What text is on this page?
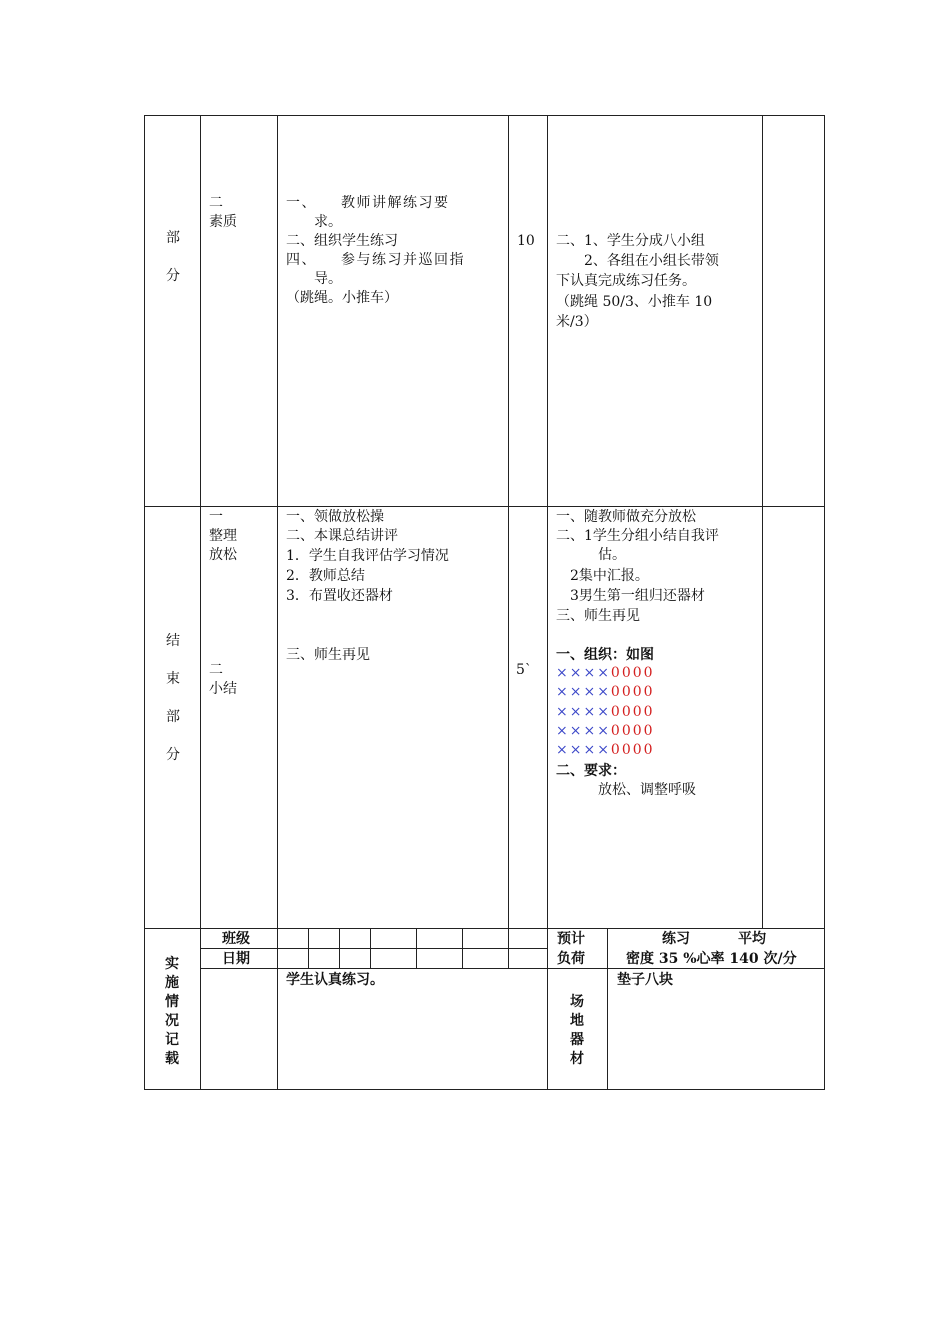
部 分
二
素质
一、　　教师讲解练习要
　　求。
二、组织学生练习
四、　　参与练习并巡回指
　　导。
（跳绳。小推车）
10 二、1、学生分成八小组
　　2、各组在小组长带领
下认真完成练习任务。
（跳绳 50/3、小推车 10
米/3）
结 束 部 分
一
整理
放松
二
小结
一、领做放松操
二、本课总结讲评
1．学生自我评估学习情况
2．教师总结
3．布置收还器材
三、师生再见
5`
一、随教师做充分放松
二、1学生分组小结自我评
　　　估。
　2集中汇报。
　3男生第一组归还器材
三、师生再见
一、组织：如图
××××0000
××××0000
××××0000
××××0000
××××0000
二、要求：
放松、调整呼吸
实施情况记载
班级
日期
预计
负荷
练习	平均
密度 35 %心率 140 次/分
学生认真练习。
场地器材
垫子八块
